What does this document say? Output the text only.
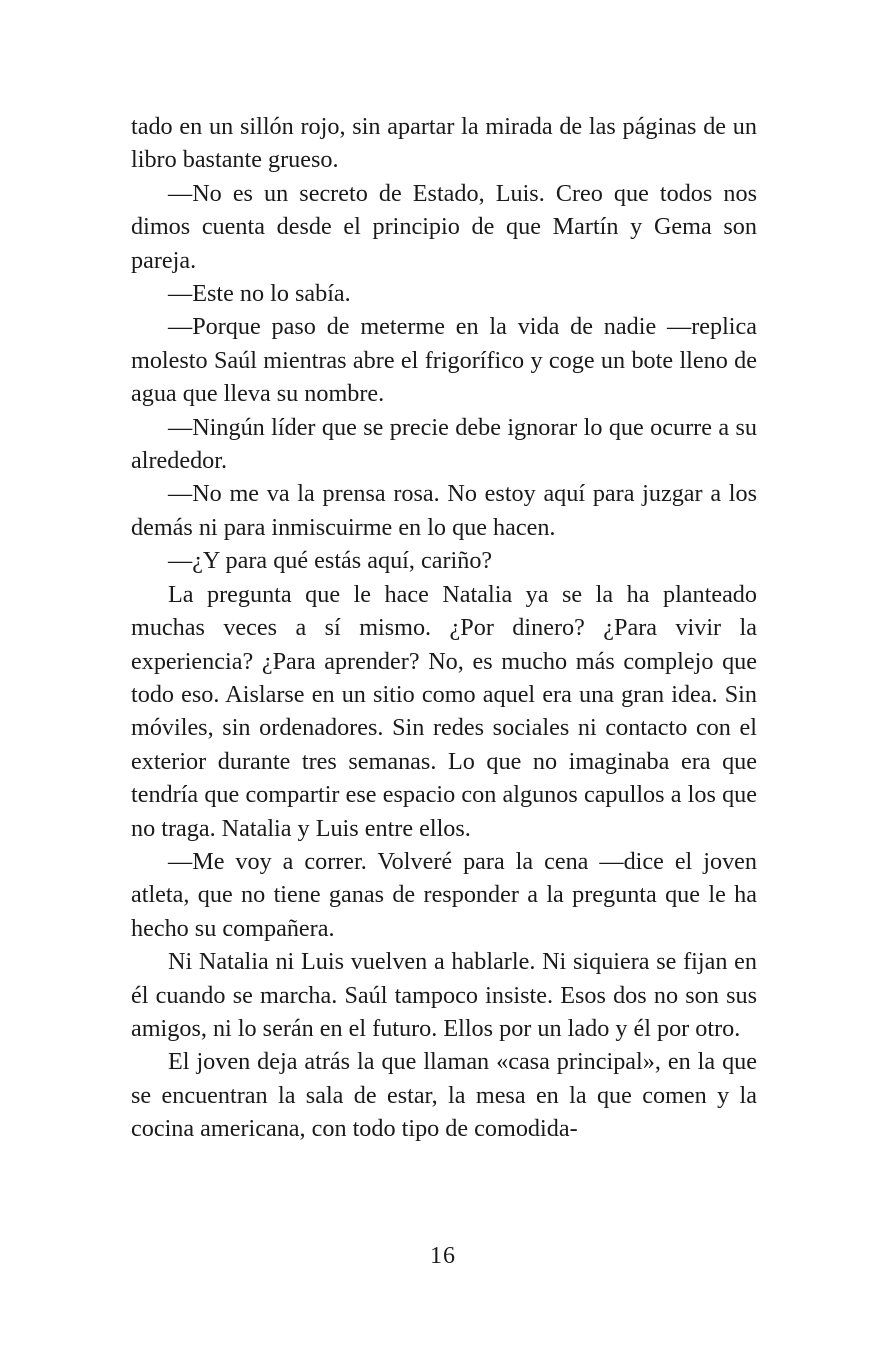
tado en un sillón rojo, sin apartar la mirada de las páginas de un libro bastante grueso.

—No es un secreto de Estado, Luis. Creo que todos nos dimos cuenta desde el principio de que Martín y Gema son pareja.

—Este no lo sabía.

—Porque paso de meterme en la vida de nadie —replica molesto Saúl mientras abre el frigorífico y coge un bote lleno de agua que lleva su nombre.

—Ningún líder que se precie debe ignorar lo que ocurre a su alrededor.

—No me va la prensa rosa. No estoy aquí para juzgar a los demás ni para inmiscuirme en lo que hacen.

—¿Y para qué estás aquí, cariño?

La pregunta que le hace Natalia ya se la ha planteado muchas veces a sí mismo. ¿Por dinero? ¿Para vivir la experiencia? ¿Para aprender? No, es mucho más complejo que todo eso. Aislarse en un sitio como aquel era una gran idea. Sin móviles, sin ordenadores. Sin redes sociales ni contacto con el exterior durante tres semanas. Lo que no imaginaba era que tendría que compartir ese espacio con algunos capullos a los que no traga. Natalia y Luis entre ellos.

—Me voy a correr. Volveré para la cena —dice el joven atleta, que no tiene ganas de responder a la pregunta que le ha hecho su compañera.

Ni Natalia ni Luis vuelven a hablarle. Ni siquiera se fijan en él cuando se marcha. Saúl tampoco insiste. Esos dos no son sus amigos, ni lo serán en el futuro. Ellos por un lado y él por otro.

El joven deja atrás la que llaman «casa principal», en la que se encuentran la sala de estar, la mesa en la que comen y la cocina americana, con todo tipo de comodida-

16
